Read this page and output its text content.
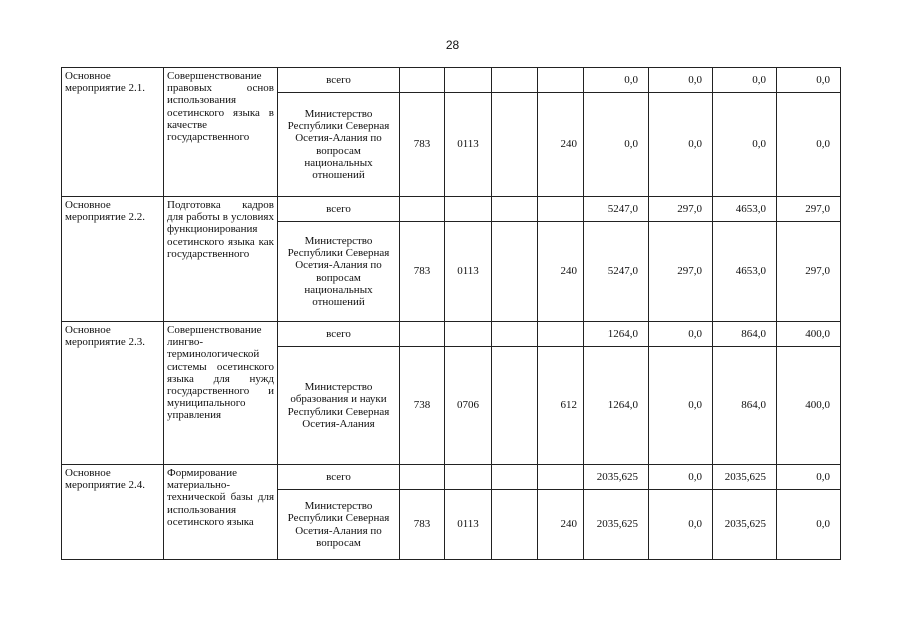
28
Основное мероприятие 2.1.	Совершенствование правовых основ использования осетинского языка в качестве государственного	всего					0,0	0,0	0,0	0,0
		Министерство Республики Северная Осетия-Алания по вопросам национальных отношений	783	0113		240	0,0	0,0	0,0	0,0
Основное мероприятие 2.2.	Подготовка кадров для работы в условиях функционирования осетинского языка как государственного	всего					5247,0	297,0	4653,0	297,0
		Министерство Республики Северная Осетия-Алания по вопросам национальных отношений	783	0113		240	5247,0	297,0	4653,0	297,0
Основное мероприятие 2.3.	Совершенствование лингво-терминологической системы осетинского языка для нужд государственного и муниципального управления	всего					1264,0	0,0	864,0	400,0
		Министерство образования и науки Республики Северная Осетия-Алания	738	0706		612	1264,0	0,0	864,0	400,0
Основное мероприятие 2.4.	Формирование материально-технической базы для использования осетинского языка	всего					2035,625	0,0	2035,625	0,0
		Министерство Республики Северная Осетия-Алания по вопросам	783	0113		240	2035,625	0,0	2035,625	0,0
